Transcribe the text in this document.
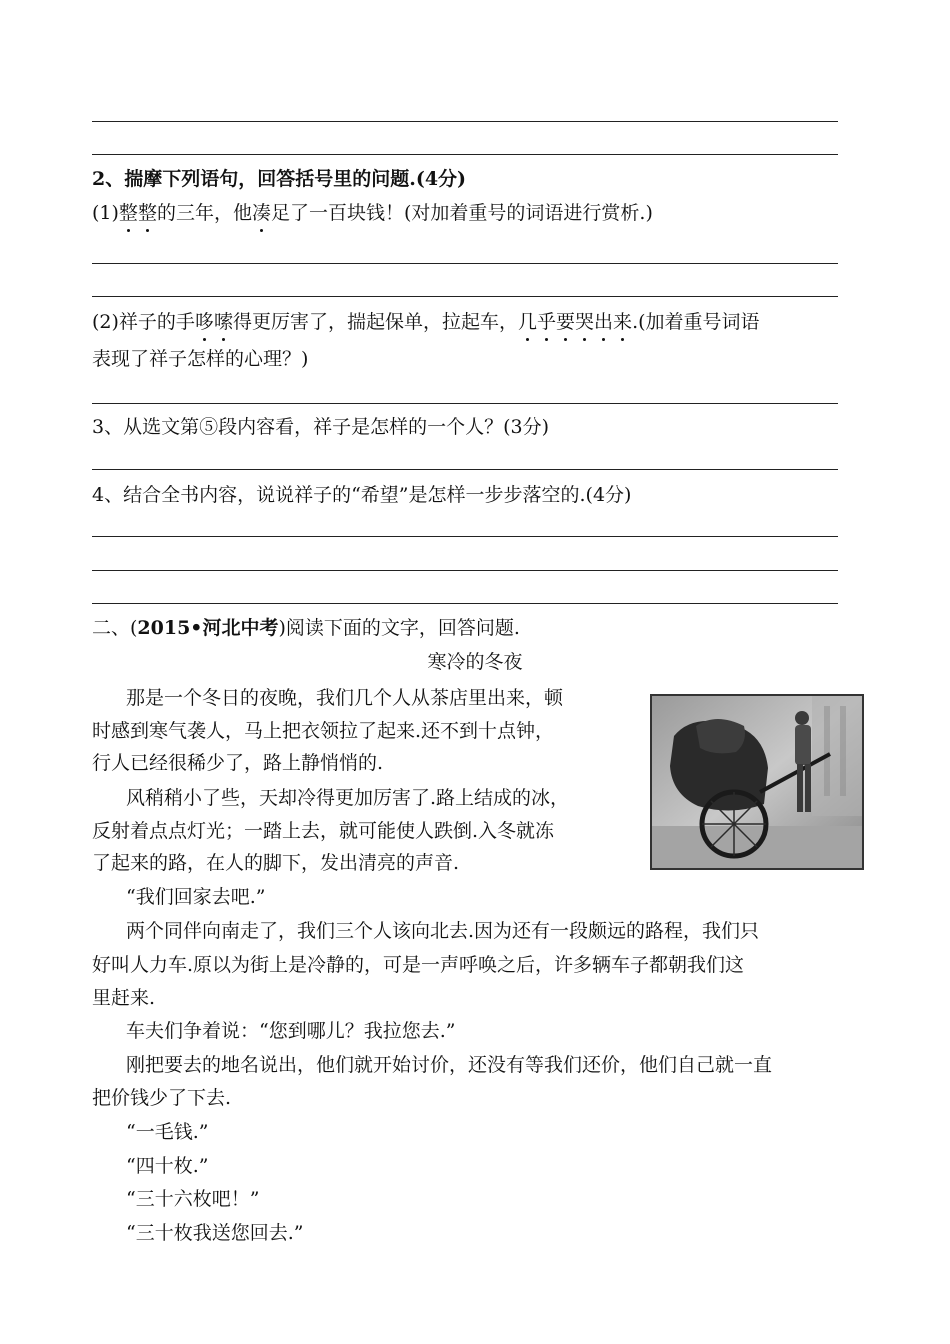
2、揣摩下列语句，回答括号里的问题.(4分)
(1)整整的三年，他凑足了一百块钱！(对加着重号的词语进行赏析.)
(2)祥子的手哆嗦得更厉害了，揣起保单，拉起车，几乎要哭出来.(加着重号词语
表现了祥子怎样的心理？)
3、从选文第⑤段内容看，祥子是怎样的一个人？(3分)
4、结合全书内容，说说祥子的“希望”是怎样一步步落空的.(4分)
二、(2015•河北中考)阅读下面的文字，回答问题.
寒冷的冬夜
那是一个冬日的夜晚，我们几个人从茶店里出来，顿
时感到寒气袭人，马上把衣领拉了起来.还不到十点钟，
行人已经很稀少了，路上静悄悄的.
风稍稍小了些，天却冷得更加厉害了.路上结成的冰，
反射着点点灯光；一踏上去，就可能使人跌倒.入冬就冻
了起来的路，在人的脚下，发出清亮的声音.
“我们回家去吧.”
两个同伴向南走了，我们三个人该向北去.因为还有一段颇远的路程，我们只
好叫人力车.原以为街上是冷静的，可是一声呼唤之后，许多辆车子都朝我们这
里赶来.
车夫们争着说：“您到哪儿？我拉您去.”
刚把要去的地名说出，他们就开始讨价，还没有等我们还价，他们自己就一直
把价钱少了下去.
“一毛钱.”
“四十枚.”
“三十六枚吧！”
“三十枚我送您回去.”
